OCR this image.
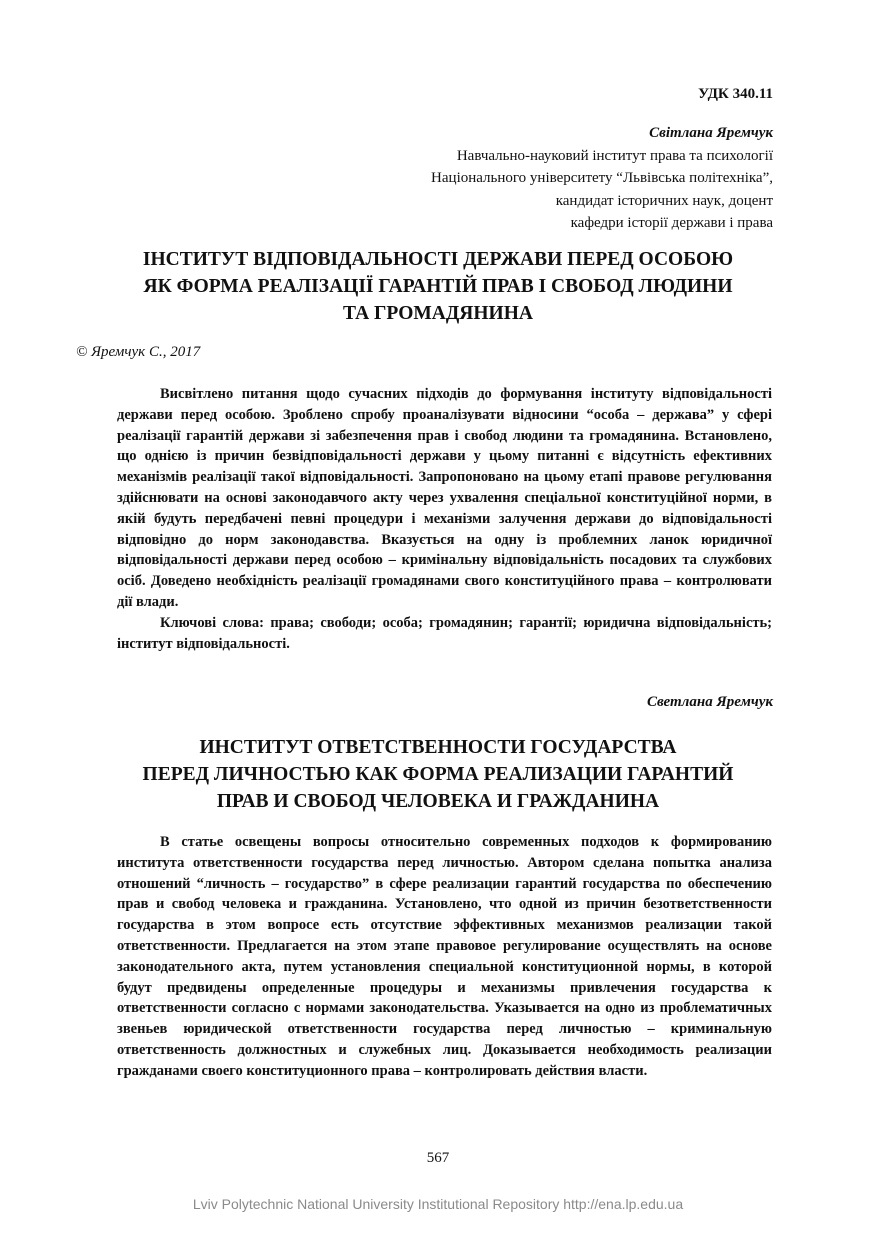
УДК 340.11
Світлана Яремчук
Навчально-науковий інститут права та психології
Національного університету “Львівська політехніка”,
кандидат історичних наук, доцент
кафедри історії держави і права
ІНСТИТУТ ВІДПОВІДАЛЬНОСТІ ДЕРЖАВИ ПЕРЕД ОСОБОЮ
ЯК ФОРМА РЕАЛІЗАЦІЇ ГАРАНТІЙ ПРАВ І СВОБОД ЛЮДИНИ
ТА ГРОМАДЯНИНА
© Яремчук С., 2017

Висвітлено питання щодо сучасних підходів до формування інституту відповідальності держави перед особою. Зроблено спробу проаналізувати відносини “особа – держава” у сфері реалізації гарантій держави зі забезпечення прав і свобод людини та громадянина. Встановлено, що однією із причин безвідповідальності держави у цьому питанні є відсутність ефективних механізмів реалізації такої відповідальності. Запропоновано на цьому етапі правове регулювання здійснювати на основі законодавчого акту через ухвалення спеціальної конституційної норми, в якій будуть передбачені певні процедури і механізми залучення держави до відповідальності відповідно до норм законодавства. Вказується на одну із проблемних ланок юридичної відповідальності держави перед особою – кримінальну відповідальність посадових та службових осіб. Доведено необхідність реалізації громадянами свого конституційного права – контролювати дії влади.

Ключові слова: права; свободи; особа; громадянин; гарантії; юридична відповідальність; інститут відповідальності.

Светлана Яремчук
ИНСТИТУТ ОТВЕТСТВЕННОСТИ ГОСУДАРСТВА
ПЕРЕД ЛИЧНОСТЬЮ КАК ФОРМА РЕАЛИЗАЦИИ ГАРАНТИЙ
ПРАВ И СВОБОД ЧЕЛОВЕКА И ГРАЖДАНИНА

В статье освещены вопросы относительно современных подходов к формированию института ответственности государства перед личностью. Автором сделана попытка анализа отношений “личность – государство” в сфере реализации гарантий государства по обеспечению прав и свобод человека и гражданина. Установлено, что одной из причин безответственности государства в этом вопросе есть отсутствие эффективных механизмов реализации такой ответственности. Предлагается на этом этапе правовое регулирование осуществлять на основе законодательного акта, путем установления специальной конституционной нормы, в которой будут предвидены определенные процедуры и механизмы привлечения государства к ответственности согласно с нормами законодательства. Указывается на одно из проблематичных звеньев юридической ответственности государства перед личностью – криминальную ответственность должностных и служебных лиц. Доказывается необходимость реализации гражданами своего конституционного права – контролировать действия власти.

567
Lviv Polytechnic National University Institutional Repository http://ena.lp.edu.ua
